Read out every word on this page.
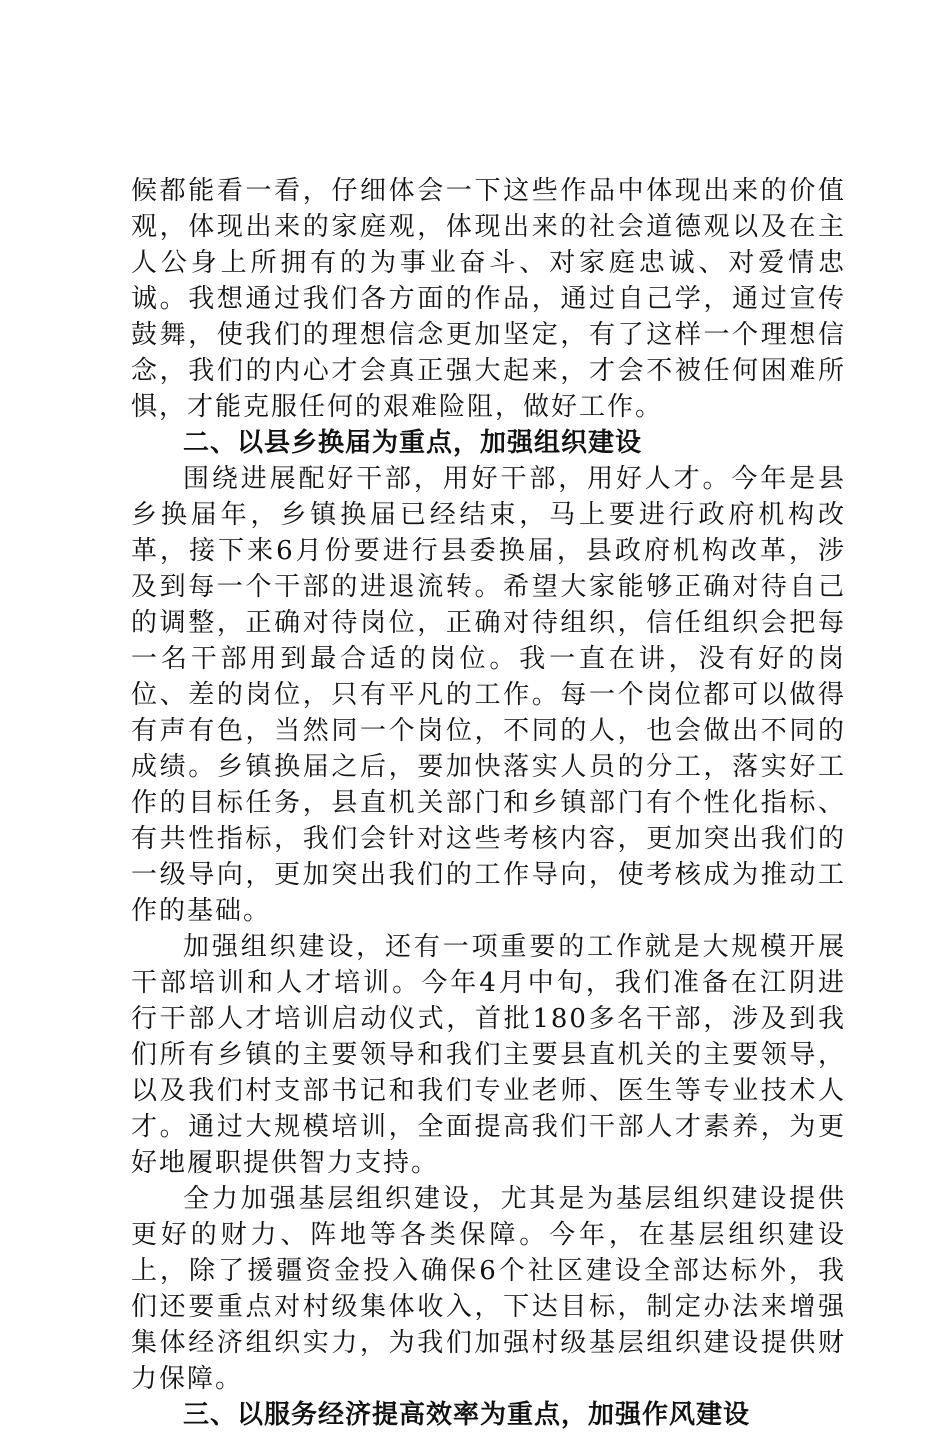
候都能看一看，仔细体会一下这些作品中体现出来的价值观，体现出来的家庭观，体现出来的社会道德观以及在主人公身上所拥有的为事业奋斗、对家庭忠诚、对爱情忠诚。我想通过我们各方面的作品，通过自己学，通过宣传鼓舞，使我们的理想信念更加坚定，有了这样一个理想信念，我们的内心才会真正强大起来，才会不被任何困难所惧，才能克服任何的艰难险阻，做好工作。

二、以县乡换届为重点，加强组织建设

围绕进展配好干部，用好干部，用好人才。今年是县乡换届年，乡镇换届已经结束，马上要进行政府机构改革，接下来6月份要进行县委换届，县政府机构改革，涉及到每一个干部的进退流转。希望大家能够正确对待自己的调整，正确对待岗位，正确对待组织，信任组织会把每一名干部用到最合适的岗位。我一直在讲，没有好的岗位、差的岗位，只有平凡的工作。每一个岗位都可以做得有声有色，当然同一个岗位，不同的人，也会做出不同的成绩。乡镇换届之后，要加快落实人员的分工，落实好工作的目标任务，县直机关部门和乡镇部门有个性化指标、有共性指标，我们会针对这些考核内容，更加突出我们的一级导向，更加突出我们的工作导向，使考核成为推动工作的基础。

加强组织建设，还有一项重要的工作就是大规模开展干部培训和人才培训。今年4月中旬，我们准备在江阴进行干部人才培训启动仪式，首批180多名干部，涉及到我们所有乡镇的主要领导和我们主要县直机关的主要领导，以及我们村支部书记和我们专业老师、医生等专业技术人才。通过大规模培训，全面提高我们干部人才素养，为更好地履职提供智力支持。

全力加强基层组织建设，尤其是为基层组织建设提供更好的财力、阵地等各类保障。今年，在基层组织建设上，除了援疆资金投入确保6个社区建设全部达标外，我们还要重点对村级集体收入，下达目标，制定办法来增强集体经济组织实力，为我们加强村级基层组织建设提供财力保障。

三、以服务经济提高效率为重点，加强作风建设
